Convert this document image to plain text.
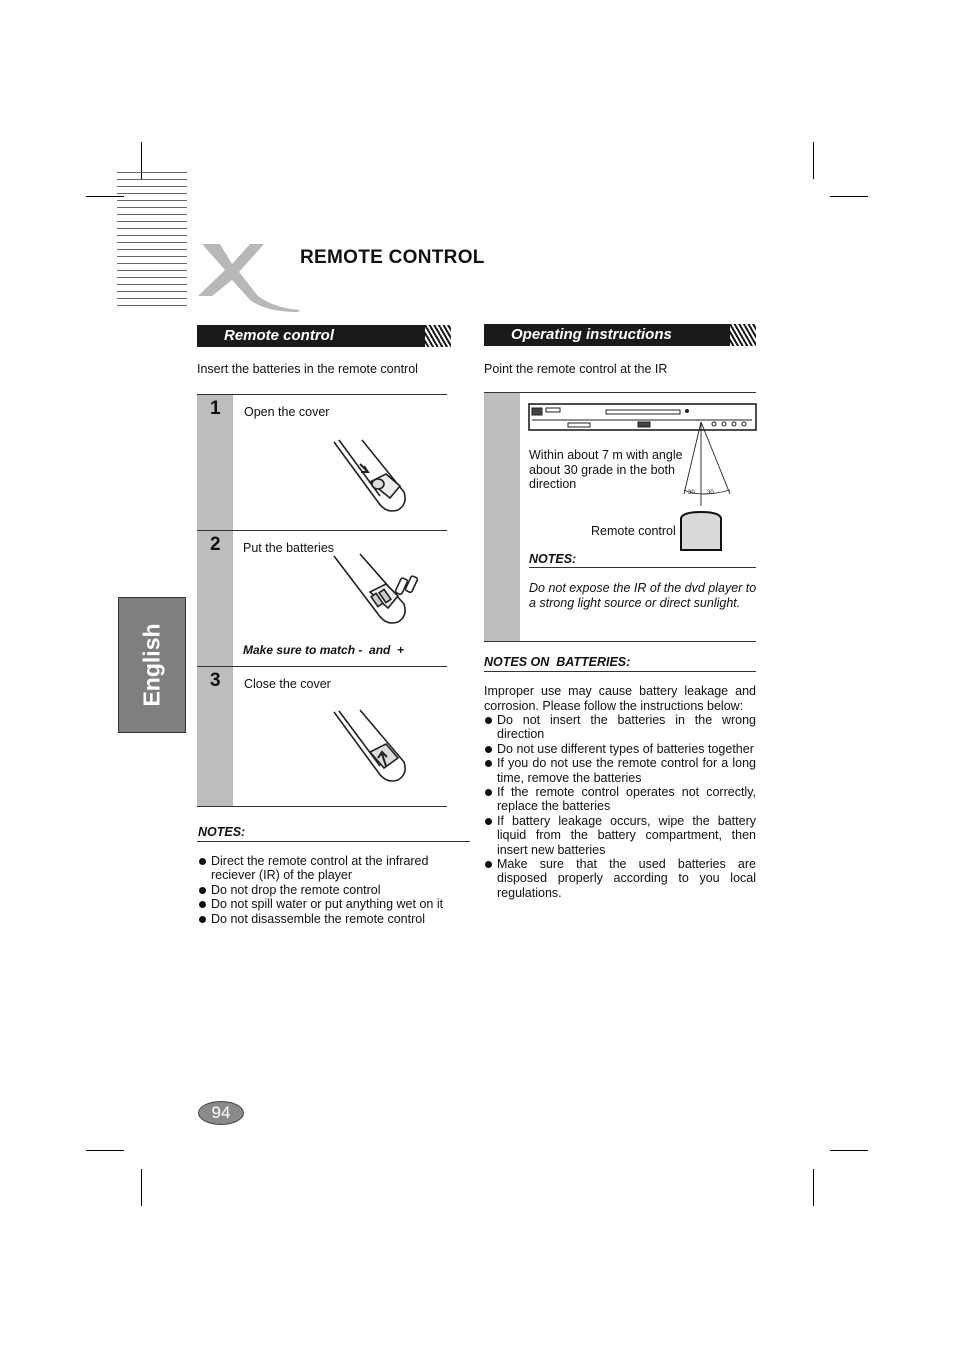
REMOTE CONTROL
English
Remote control
Insert the batteries in the remote control
1 Open the cover
2 Put the batteries
Make sure to match -  and  +
3 Close the cover
NOTES:
Direct the remote control at the infrared reciever (IR) of the player
Do not drop the remote control
Do not spill water or put anything wet on it
Do not disassemble the remote control
Operating instructions
Point the remote control at the IR
30 30
Within about 7 m with angle about 30 grade in the both direction
Remote control
NOTES:
Do not expose the IR of the dvd player to a strong light source or direct sunlight.
NOTES ON  BATTERIES:
Improper use may cause battery leakage and corrosion. Please follow the instructions below:
Do not insert the batteries in the wrong direction
Do not use different types of batteries together
If you do not use the remote control for a long time, remove the batteries
If the remote control operates not correctly, replace the batteries
If battery leakage occurs, wipe the battery liquid from the battery compartment, then insert new batteries
Make sure that the used batteries are disposed properly according to you local regulations.
94
